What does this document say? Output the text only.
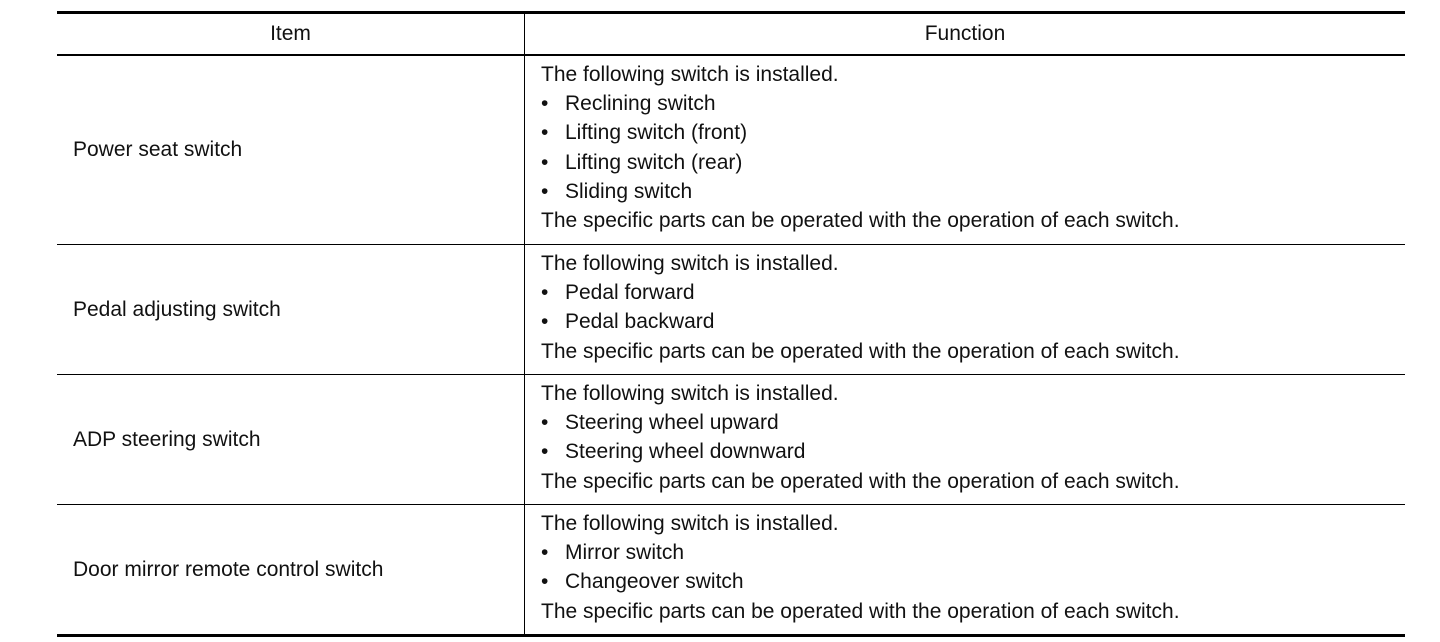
Item	Function
Power seat switch
The following switch is installed.
• Reclining switch
• Lifting switch (front)
• Lifting switch (rear)
• Sliding switch
The specific parts can be operated with the operation of each switch.
Pedal adjusting switch
The following switch is installed.
• Pedal forward
• Pedal backward
The specific parts can be operated with the operation of each switch.
ADP steering switch
The following switch is installed.
• Steering wheel upward
• Steering wheel downward
The specific parts can be operated with the operation of each switch.
Door mirror remote control switch
The following switch is installed.
• Mirror switch
• Changeover switch
The specific parts can be operated with the operation of each switch.
